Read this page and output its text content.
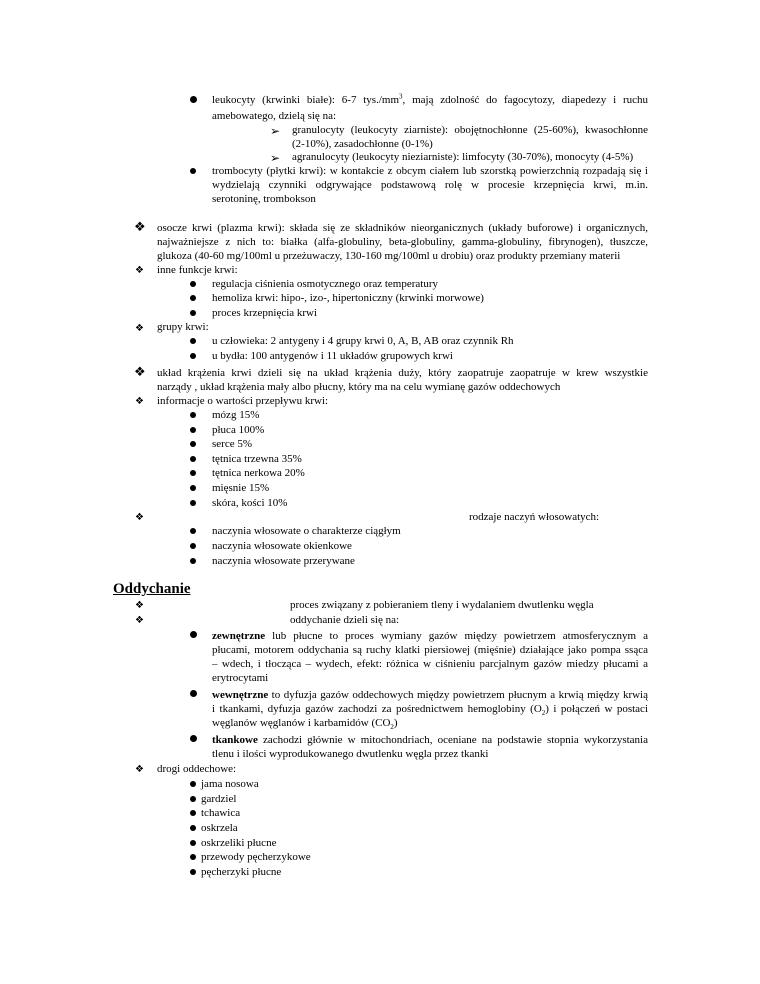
leukocyty (krwinki białe): 6-7 $tys./mm^3$, mają zdolność do fagocytozy, diapedezy i ruchu
amebowatego, dzielą się na:
➢ granulocyty (leukocyty ziarniste): obojętnochłonne (25-60%), kwasochłonne
(2-10%), zasadochłonne (0-1%)
➢ agranulocyty (leukocyty nieziarniste): limfocyty (30-70%), monocyty (4-5%)
trombocyty (płytki krwi): w kontakcie z obcym ciałem lub szorstką powierzchnią rozpadają się i
wydzielają czynniki odgrywające podstawową rolę w procesie krzepnięcia krwi, m.in.
serotoninę, trombokson
❖ osocze krwi (plazma krwi): składa się ze składników nieorganicznych (układy buforowe) i organicznych,
najważniejsze z nich to: białka (alfa-globuliny, beta-globuliny, gamma-globuliny, fibrynogen), tłuszcze,
glukoza (40-60 mg/100ml u przeżuwaczy, 130-160 mg/100ml u drobiu) oraz produkty przemiany materii
❖ inne funkcje krwi:
regulacja ciśnienia osmotycznego oraz temperatury
hemoliza krwi: hipo-, izo-, hipertoniczny (krwinki morwowe)
proces krzepnięcia krwi
❖ grupy krwi:
u człowieka: 2 antygeny i 4 grupy krwi 0, A, B, AB oraz czynnik Rh
u bydła: 100 antygenów i 11 układów grupowych krwi
❖ układ krążenia krwi dzieli się na układ krążenia duży, który zaopatruje zaopatruje w krew wszystkie
narządy , układ krążenia mały albo płucny, który ma na celu wymianę gazów oddechowych
❖ informacje o wartości przepływu krwi:
mózg 15%
płuca 100%
serce 5%
tętnica trzewna 35%
tętnica nerkowa 20%
mięsnie 15%
skóra, kości 10%
❖	rodzaje naczyń włosowatych:
naczynia włosowate o charakterze ciągłym
naczynia włosowate okienkowe
naczynia włosowate przerywane
Oddychanie
❖	proces związany z pobieraniem tleny i wydalaniem dwutlenku węgla
❖	oddychanie dzieli się na:
zewnętrzne lub płucne to proces wymiany gazów między powietrzem atmosferycznym a
płucami, motorem oddychania są ruchy klatki piersiowej (mięśnie) działające jako pompa ssąca
– wdech, i tłocząca – wydech, efekt: różnica w ciśnieniu parcjalnym gazów miedzy płucami a
erytrocytami
wewnętrzne to dyfuzja gazów oddechowych między powietrzem płucnym a krwią między krwią
i tkankami, dyfuzja gazów zachodzi za pośrednictwem hemoglobiny $(O_2)$ i połączeń w postaci
węglanów węglanów i karbamidów $(CO_2)$
tkankowe zachodzi głównie w mitochondriach, oceniane na podstawie stopnia wykorzystania
tlenu i ilości wyprodukowanego dwutlenku węgla przez tkanki
❖ drogi oddechowe:
jama nosowa
gardziel
tchawica
oskrzela
oskrzeliki płucne
przewody pęcherzykowe
pęcherzyki płucne
